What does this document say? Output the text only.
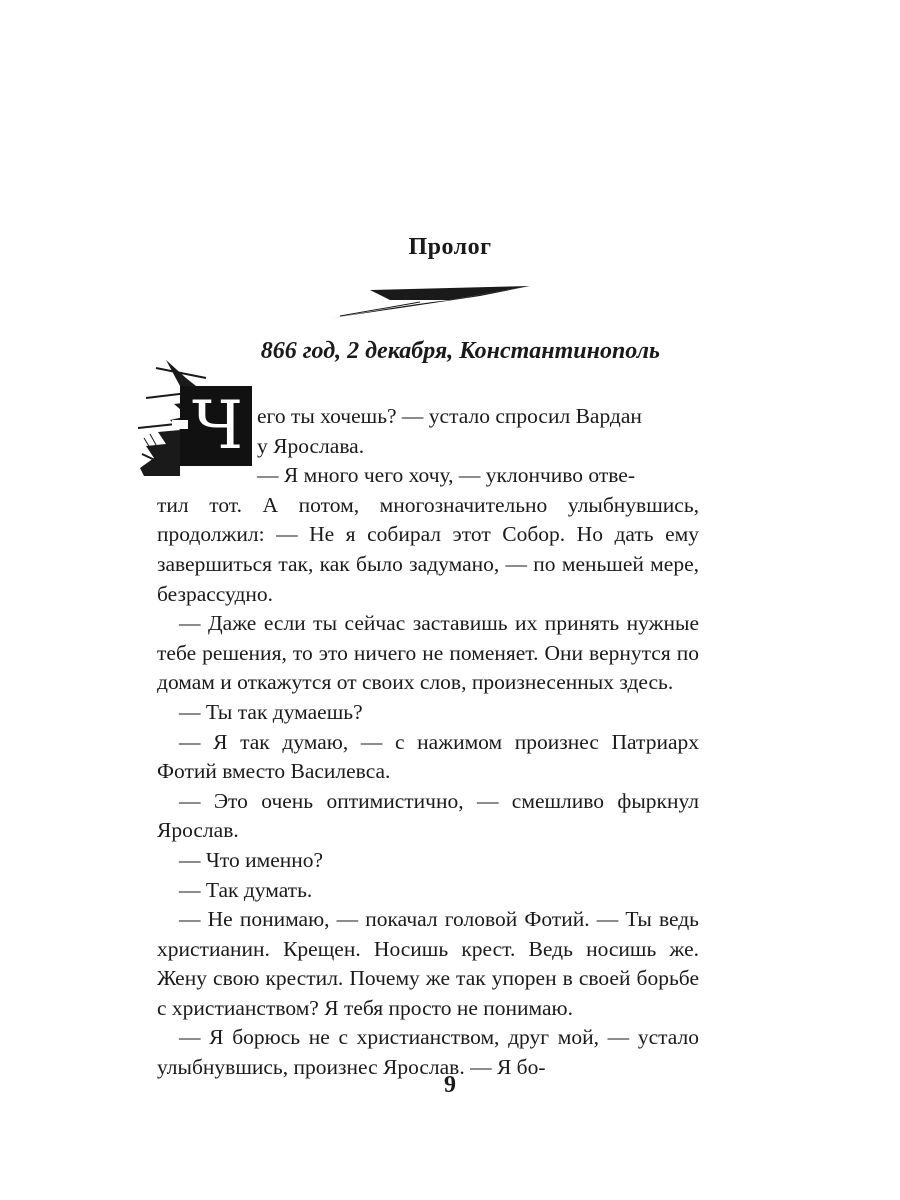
Пролог
866 год, 2 декабря, Константинополь
Ч его ты хочешь? — устало спросил Вардан
у Ярослава.
— Я много чего хочу, — уклончиво отве-
тил тот. А потом, многозначительно улыбнувшись, продолжил: — Не я собирал этот Собор. Но дать ему завершиться так, как было задумано, — по меньшей мере, безрассудно.

— Даже если ты сейчас заставишь их принять нужные тебе решения, то это ничего не поменяет. Они вернутся по домам и откажутся от своих слов, произнесенных здесь.

— Ты так думаешь?

— Я так думаю, — с нажимом произнес Патриарх Фотий вместо Василевса.

— Это очень оптимистично, — смешливо фыркнул Ярослав.

— Что именно?

— Так думать.

— Не понимаю, — покачал головой Фотий. — Ты ведь христианин. Крещен. Носишь крест. Ведь носишь же. Жену свою крестил. Почему же так упорен в своей борьбе с христианством? Я тебя просто не понимаю.

— Я борюсь не с христианством, друг мой, — устало улыбнувшись, произнес Ярослав. — Я бо-

9
